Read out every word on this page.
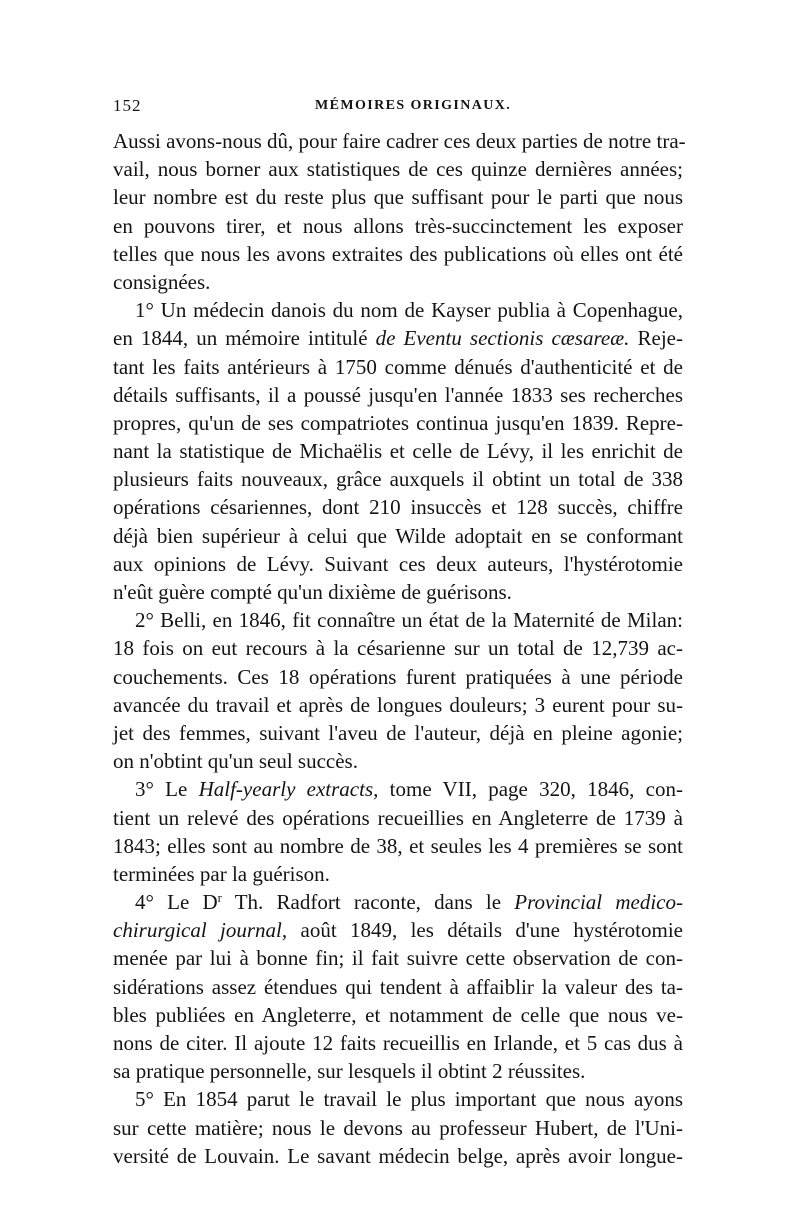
152	MÉMOIRES ORIGINAUX.
Aussi avons-nous dû, pour faire cadrer ces deux parties de notre tra-
vail, nous borner aux statistiques de ces quinze dernières années;
leur nombre est du reste plus que suffisant pour le parti que nous
en pouvons tirer, et nous allons très-succinctement les exposer
telles que nous les avons extraites des publications où elles ont été
consignées.
1° Un médecin danois du nom de Kayser publia à Copenhague,
en 1844, un mémoire intitulé de Eventu sectionis cæsareæ. Reje-
tant les faits antérieurs à 1750 comme dénués d'authenticité et de
détails suffisants, il a poussé jusqu'en l'année 1833 ses recherches
propres, qu'un de ses compatriotes continua jusqu'en 1839. Repre-
nant la statistique de Michaëlis et celle de Lévy, il les enrichit de
plusieurs faits nouveaux, grâce auxquels il obtint un total de 338
opérations césariennes, dont 210 insuccès et 128 succès, chiffre
déjà bien supérieur à celui que Wilde adoptait en se conformant
aux opinions de Lévy. Suivant ces deux auteurs, l'hystérotomie
n'eût guère compté qu'un dixième de guérisons.
2° Belli, en 1846, fit connaître un état de la Maternité de Milan:
18 fois on eut recours à la césarienne sur un total de 12,739 ac-
couchements. Ces 18 opérations furent pratiquées à une période
avancée du travail et après de longues douleurs; 3 eurent pour su-
jet des femmes, suivant l'aveu de l'auteur, déjà en pleine agonie;
on n'obtint qu'un seul succès.
3° Le Half-yearly extracts, tome VII, page 320, 1846, con-
tient un relevé des opérations recueillies en Angleterre de 1739 à
1843; elles sont au nombre de 38, et seules les 4 premières se sont
terminées par la guérison.
4° Le $D^r$ Th. Radfort raconte, dans le Provincial medico-
chirurgical journal, août 1849, les détails d'une hystérotomie
menée par lui à bonne fin; il fait suivre cette observation de con-
sidérations assez étendues qui tendent à affaiblir la valeur des ta-
bles publiées en Angleterre, et notamment de celle que nous ve-
nons de citer. Il ajoute 12 faits recueillis en Irlande, et 5 cas dus à
sa pratique personnelle, sur lesquels il obtint 2 réussites.
5° En 1854 parut le travail le plus important que nous ayons
sur cette matière; nous le devons au professeur Hubert, de l'Uni-
versité de Louvain. Le savant médecin belge, après avoir longue-
